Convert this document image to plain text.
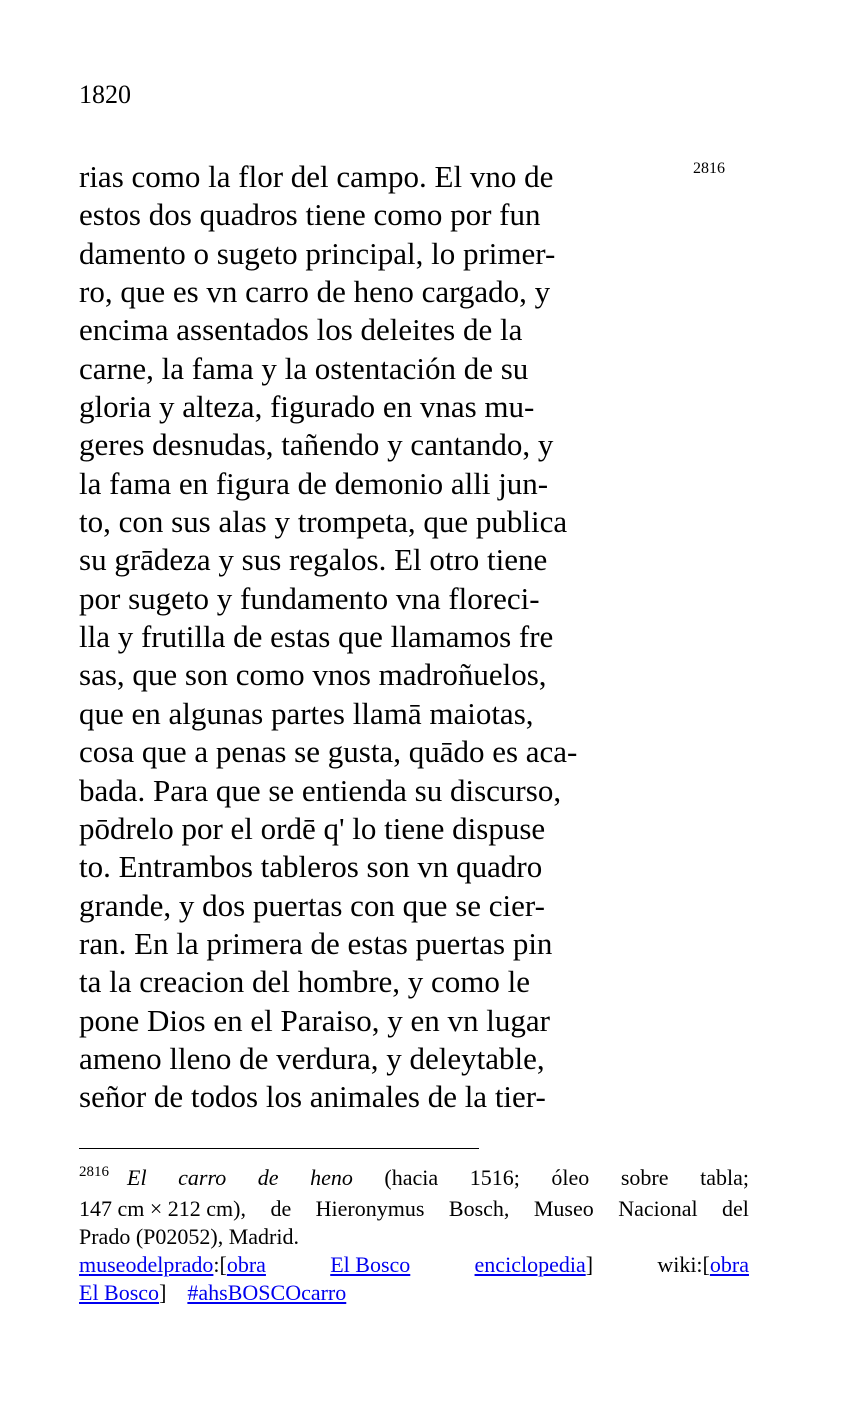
1820
2816
rias como la flor del campo. El vno de
estos dos quadros tiene como por fun
damento o sugeto principal, lo primer-
ro, que es vn carro de heno cargado, y
encima assentados los deleites de la
carne, la fama y la ostentación de su
gloria y alteza, figurado en vnas mu-
geres desnudas, tañendo y cantando, y
la fama en figura de demonio alli jun-
to, con sus alas y trompeta, que publica
su grādeza y sus regalos. El otro tiene
por sugeto y fundamento vna floreci-
lla y frutilla de estas que llamamos fre
sas, que son como vnos madroñuelos,
que en algunas partes llamā maiotas,
cosa que a penas se gusta, quādo es aca-
bada. Para que se entienda su discurso,
pōdrelo por el ordē q' lo tiene dispuse
to. Entrambos tableros son vn quadro
grande, y dos puertas con que se cier-
ran. En la primera de estas puertas pin
ta la creacion del hombre, y como le
pone Dios en el Paraiso, y en vn lugar
ameno lleno de verdura, y deleytable,
señor de todos los animales de la tier-
$^{2816}$ El carro de heno (hacia 1516; óleo sobre tabla;
147 cm × 212 cm), de Hieronymus Bosch, Museo Nacional del
Prado (P02052), Madrid.
museodelprado:[obra	El Bosco	enciclopedia]	wiki:[obra
El Bosco] #ahsBOSCOcarro
